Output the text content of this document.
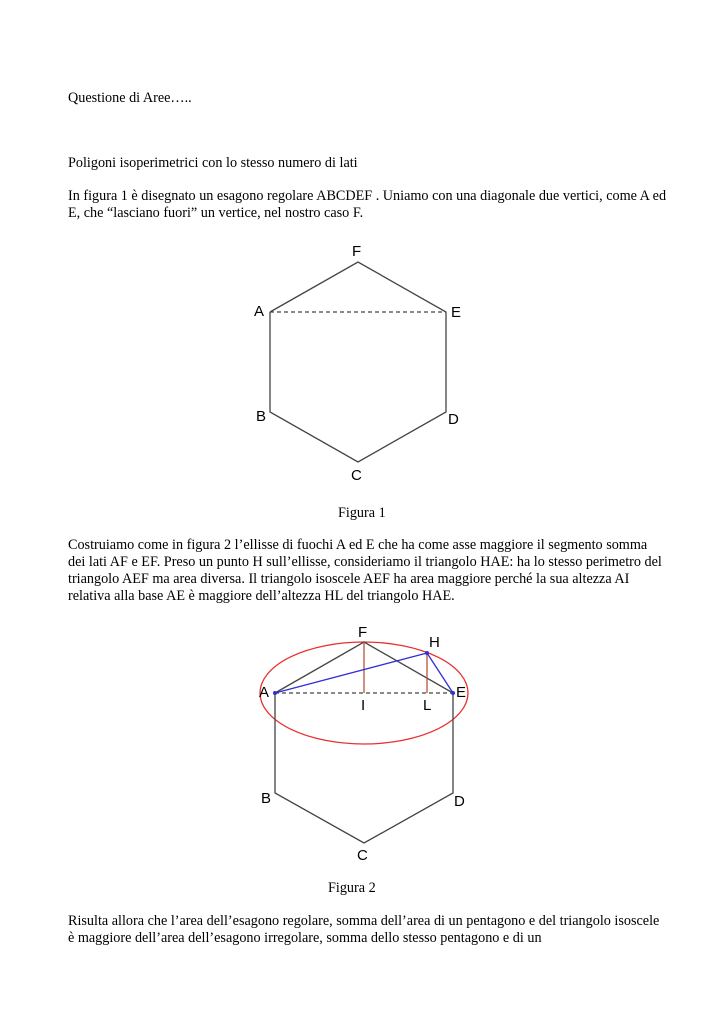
Questione di Aree…..

Poligoni isoperimetrici con lo stesso numero di lati

In figura 1 è disegnato un esagono regolare ABCDEF . Uniamo con una diagonale due vertici, come A ed E, che “lasciano fuori” un vertice, nel nostro caso F.

F
A	E
B	D
C

Figura 1

Costruiamo come in figura 2 l’ellisse di fuochi A ed E che ha come asse maggiore il segmento somma dei lati AF e EF. Preso un punto H sull’ellisse, consideriamo il triangolo HAE: ha lo stesso perimetro del triangolo AEF ma area diversa. Il triangolo isoscele AEF ha area maggiore perché la sua altezza AI relativa alla base AE è maggiore dell’altezza HL del triangolo HAE.

F
H
A	E
I	L
B	D
C

Figura 2

Risulta allora che l’area dell’esagono regolare, somma dell’area di un pentagono e del triangolo isoscele è maggiore dell’area dell’esagono irregolare, somma dello stesso pentagono e di un
